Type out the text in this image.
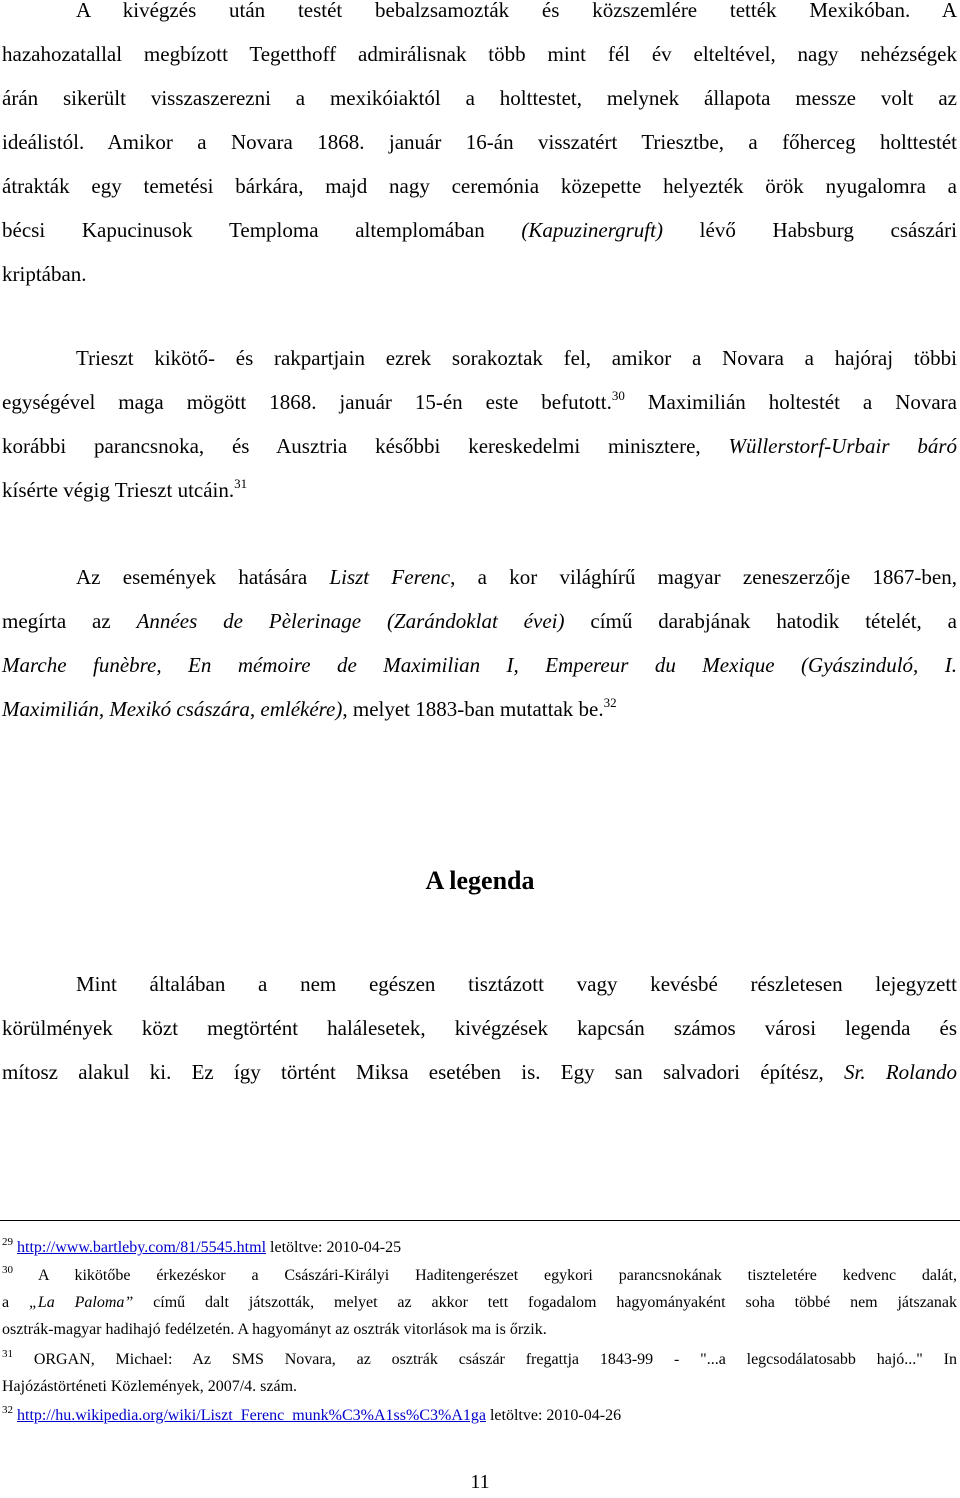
A kivégzés után testét bebalzsamozták és közszemlére tették Mexikóban. A
hazahozatallal megbízott Tegetthoff admirálisnak több mint fél év elteltével, nagy nehézségek
árán sikerült visszaszerezni a mexikóiaktól a holttestet, melynek állapota messze volt az
ideálistól. Amikor a Novara 1868. január 16-án visszatért Triesztbe, a főherceg holttestét
átrakták egy temetési bárkára, majd nagy ceremónia közepette helyezték örök nyugalomra a
bécsi Kapucinusok Temploma altemplomában (Kapuzinergruft) lévő Habsburg császári
kriptában.
Trieszt kikötő- és rakpartjain ezrek sorakoztak fel, amikor a Novara a hajóraj többi
egységével maga mögött 1868. január 15-én este befutott.$^{30}$ Maximilián holtestét a Novara
korábbi parancsnoka, és Ausztria későbbi kereskedelmi minisztere, Wüllerstorf-Urbair báró
kísérte végig Trieszt utcáin.$^{31}$
Az események hatására Liszt Ferenc, a kor világhírű magyar zeneszerzője 1867-ben,
megírta az Années de Pèlerinage (Zarándoklat évei) című darabjának hatodik tételét, a
Marche funèbre, En mémoire de Maximilian I, Empereur du Mexique (Gyászinduló, I.
Maximilián, Mexikó császára, emlékére), melyet 1883-ban mutattak be.$^{32}$
A legenda
Mint általában a nem egészen tisztázott vagy kevésbé részletesen lejegyzett
körülmények közt megtörtént halálesetek, kivégzések kapcsán számos városi legenda és
mítosz alakul ki. Ez így történt Miksa esetében is. Egy san salvadori építész, Sr. Rolando
$^{29}$ http://www.bartleby.com/81/5545.html letöltve: 2010-04-25
$^{30}$ A kikötőbe érkezéskor a Császári-Királyi Haditengerészet egykori parancsnokának tiszteletére kedvenc dalát,
a „La Paloma” című dalt játszották, melyet az akkor tett fogadalom hagyományaként soha többé nem játszanak
osztrák-magyar hadihajó fedélzetén. A hagyományt az osztrák vitorlások ma is őrzik.
$^{31}$ ORGAN, Michael: Az SMS Novara, az osztrák császár fregattja 1843-99 - "...a legcsodálatosabb hajó..." In
Hajózástörténeti Közlemények, 2007/4. szám.
$^{32}$ http://hu.wikipedia.org/wiki/Liszt_Ferenc_munk%C3%A1ss%C3%A1ga letöltve: 2010-04-26
11
